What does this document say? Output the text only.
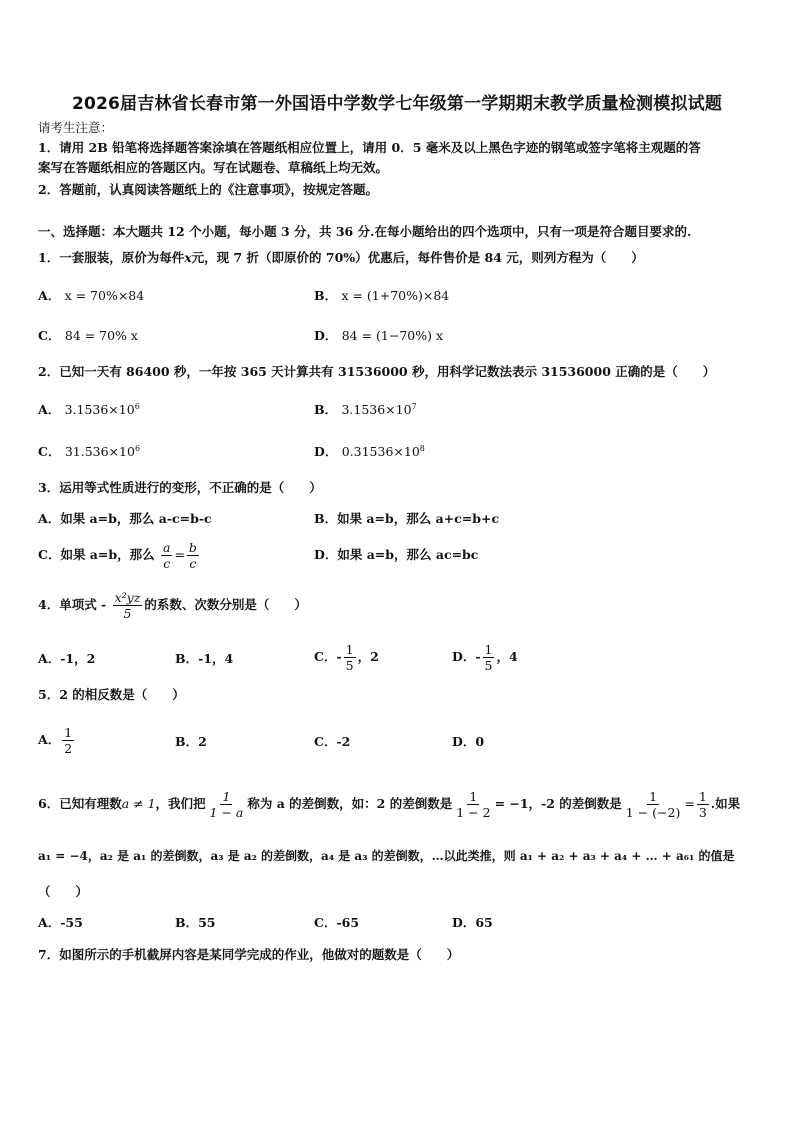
2026届吉林省长春市第一外国语中学数学七年级第一学期期末教学质量检测模拟试题
请考生注意：
1．请用 2B 铅笔将选择题答案涂填在答题纸相应位置上，请用 0．5 毫米及以上黑色字迹的钢笔或签字笔将主观题的答
案写在答题纸相应的答题区内。写在试题卷、草稿纸上均无效。
2．答题前，认真阅读答题纸上的《注意事项》，按规定答题。
一、选择题：本大题共 12 个小题，每小题 3 分，共 36 分.在每小题给出的四个选项中，只有一项是符合题目要求的.
1．一套服装，原价为每件x元，现 7 折（即原价的 70%）优惠后，每件售价是 84 元，则列方程为（　　）
A． x = 70%×84	B． x = (1+70%)×84
C． 84 = 70% x	D． 84 = (1−70%) x
2．已知一天有 86400 秒，一年按 365 天计算共有 31536000 秒，用科学记数法表示 31536000 正确的是（　　）
A． $3.1536\times 10^6$	B． $3.1536\times 10^7$
C． $31.536\times 10^6$	D． $0.31536\times 10^8$
3．运用等式性质进行的变形，不正确的是（　　）
A．如果 a=b，那么 a-c=b-c	B．如果 a=b，那么 a+c=b+c
C．如果 a=b，那么 $\frac{a}{c} = \frac{b}{c}$	D．如果 a=b，那么 ac=bc
4．单项式 - $\frac{\text{x²yz}}{5}$ 的系数、次数分别是（　　）
A．-1，2	B．-1，4	C．- $\frac{1}{5}$ ，2	D．- $\frac{1}{5}$ ，4
5．2 的相反数是（　　）
A． $\frac{1}{2}$	B．2	C．-2	D．0
6．已知有理数a ≠ 1，我们把 $\frac{1}{1 - a}$ 称为 a 的差倒数，如：2 的差倒数是 $\frac{1}{1 - 2} = -1$，-2 的差倒数是 $\frac{1}{1 - (-2)} = \frac{1}{3}$ .如果
a₁ = −4，a₂ 是 a₁ 的差倒数，a₃ 是 a₂ 的差倒数，a₄ 是 a₃ 的差倒数，…以此类推，则 a₁ + a₂ + a₃ + a₄ + … + a₆₁ 的值是
（　　）
A．-55	B．55	C．-65	D．65
7．如图所示的手机截屏内容是某同学完成的作业，他做对的题数是（　　）
